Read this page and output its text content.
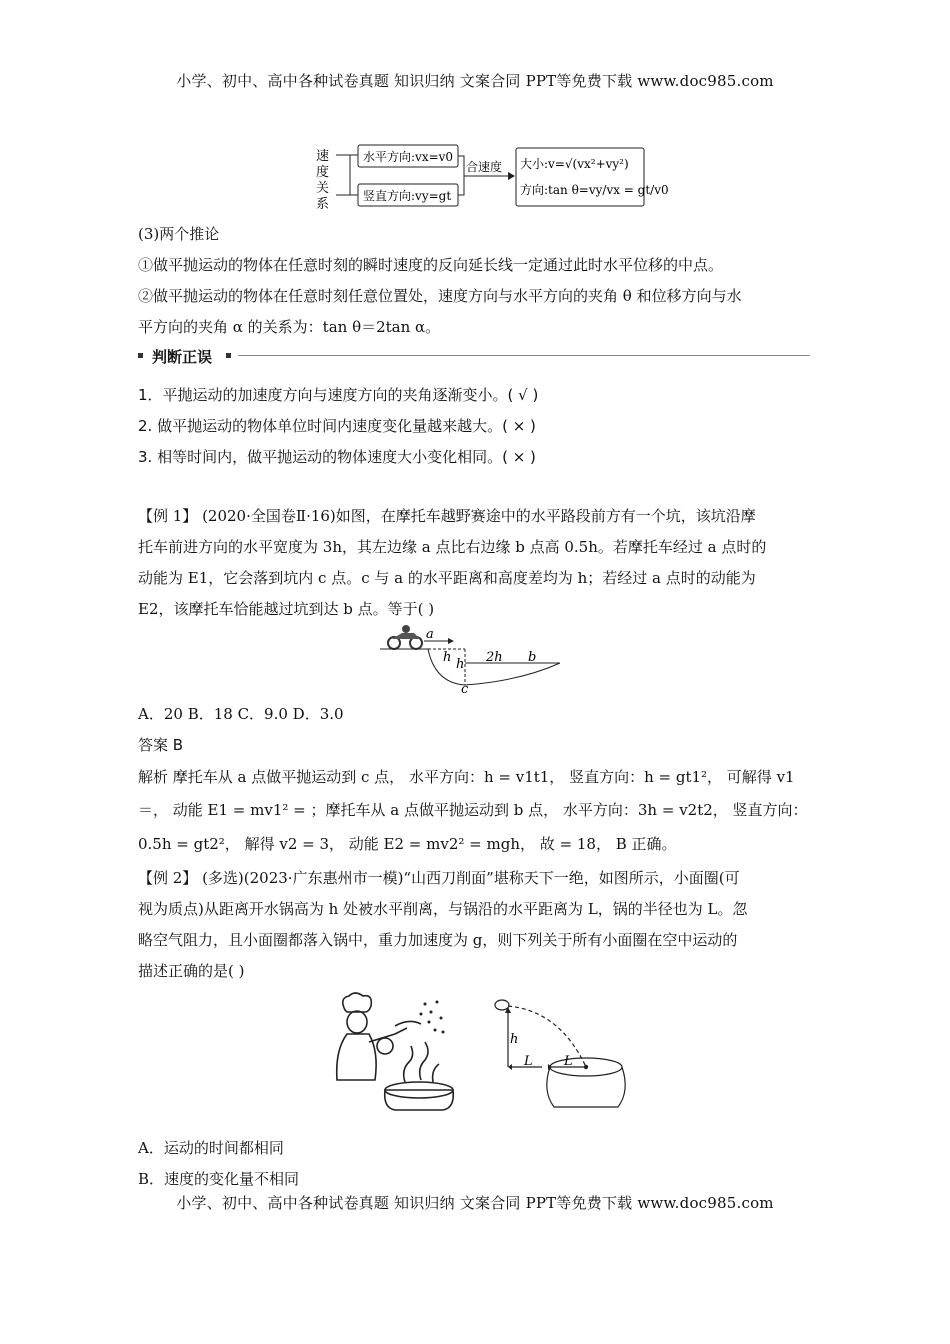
小学、初中、高中各种试卷真题 知识归纳 文案合同 PPT等免费下载 www.doc985.com
速
度
关
系
水平方向:vx=v0
竖直方向:vy=gt
合速度 大小:v=√(vx²+vy²)
方向:tan θ=vy/vx = gt/v0
(3)两个推论
①做平抛运动的物体在任意时刻的瞬时速度的反向延长线一定通过此时水平位移的中点。
②做平抛运动的物体在任意时刻任意位置处，速度方向与水平方向的夹角 θ 和位移方向与水
平方向的夹角 α 的关系为：tan θ＝2tan α。
判断正误
1．平抛运动的加速度方向与速度方向的夹角逐渐变小。( √ )
2. 做平抛运动的物体单位时间内速度变化量越来越大。( × )
3. 相等时间内，做平抛运动的物体速度大小变化相同。( × )
【例 1】 (2020·全国卷Ⅱ·16)如图，在摩托车越野赛途中的水平路段前方有一个坑，该坑沿摩
托车前进方向的水平宽度为 3h，其左边缘 a 点比右边缘 b 点高 0.5h。若摩托车经过 a 点时的
动能为 E1，它会落到坑内 c 点。c 与 a 的水平距离和高度差均为 h；若经过 a 点时的动能为
E2，该摩托车恰能越过坑到达 b 点。等于( )
a
h h 2h b
c
A．20 B．18 C．9.0 D．3.0
答案 B
解析 摩托车从 a 点做平抛运动到 c 点， 水平方向：h = v1t1， 竖直方向：h = gt1²， 可解得 v1
＝， 动能 E1 = mv1² = ；摩托车从 a 点做平抛运动到 b 点， 水平方向：3h = v2t2， 竖直方向：
0.5h = gt2²， 解得 v2 = 3， 动能 E2 = mv2² = mgh， 故 = 18， B 正确。
【例 2】 (多选)(2023·广东惠州市一模)“山西刀削面”堪称天下一绝，如图所示，小面圈(可
视为质点)从距离开水锅高为 h 处被水平削离，与锅沿的水平距离为 L，锅的半径也为 L。忽
略空气阻力，且小面圈都落入锅中，重力加速度为 g，则下列关于所有小面圈在空中运动的
描述正确的是( )
h
L L
A．运动的时间都相同
B．速度的变化量不相同
小学、初中、高中各种试卷真题 知识归纳 文案合同 PPT等免费下载 www.doc985.com
